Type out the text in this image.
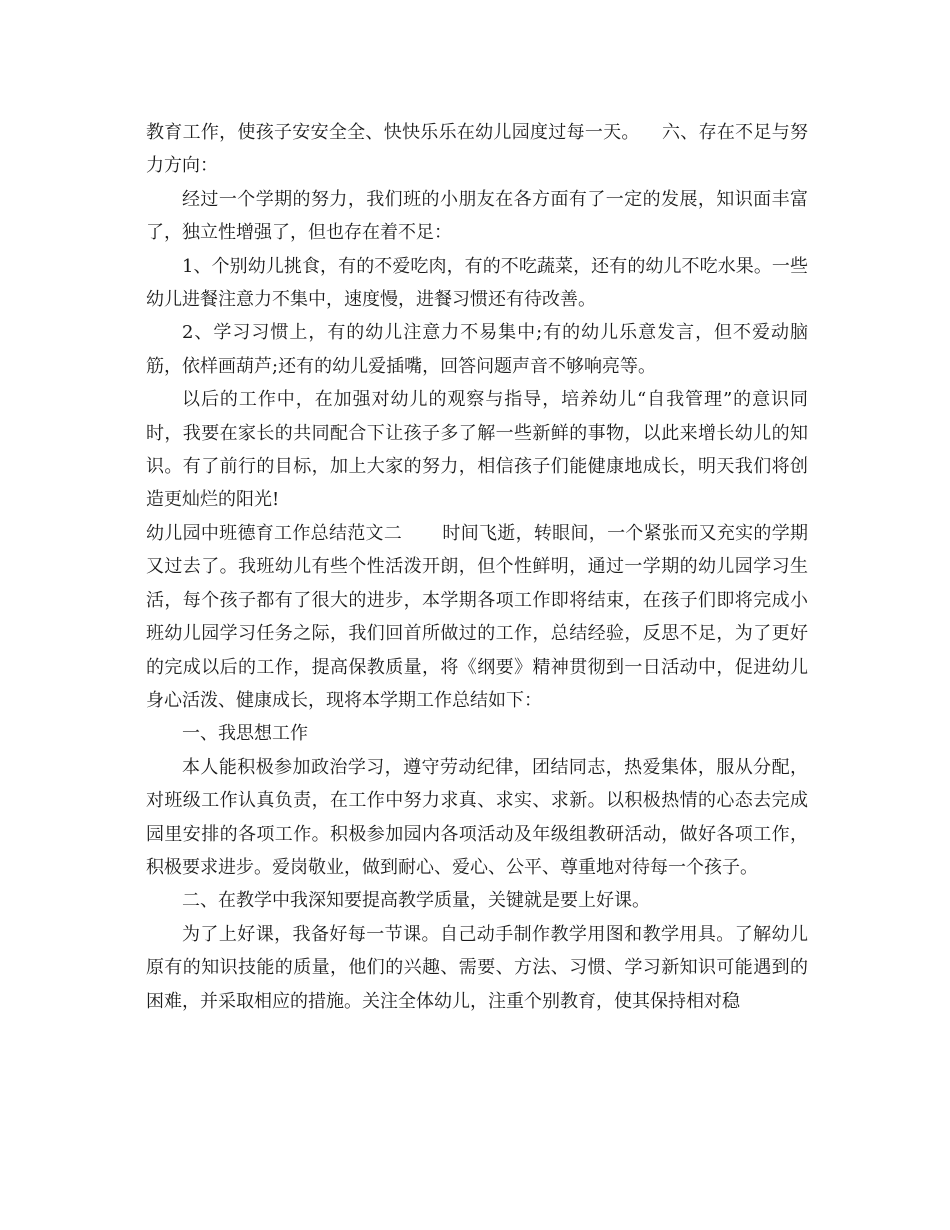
教育工作，使孩子安安全全、快快乐乐在幼儿园度过每一天。 六、存在不足与努力方向：

经过一个学期的努力，我们班的小朋友在各方面有了一定的发展，知识面丰富了，独立性增强了，但也存在着不足：

1、个别幼儿挑食，有的不爱吃肉，有的不吃蔬菜，还有的幼儿不吃水果。一些幼儿进餐注意力不集中，速度慢，进餐习惯还有待改善。

2、学习习惯上，有的幼儿注意力不易集中;有的幼儿乐意发言，但不爱动脑筋，依样画葫芦;还有的幼儿爱插嘴，回答问题声音不够响亮等。

以后的工作中，在加强对幼儿的观察与指导，培养幼儿“自我管理”的意识同时，我要在家长的共同配合下让孩子多了解一些新鲜的事物，以此来增长幼儿的知识。有了前行的目标，加上大家的努力，相信孩子们能健康地成长，明天我们将创造更灿烂的阳光!

幼儿园中班德育工作总结范文二 时间飞逝，转眼间，一个紧张而又充实的学期又过去了。我班幼儿有些个性活泼开朗，但个性鲜明，通过一学期的幼儿园学习生活，每个孩子都有了很大的进步，本学期各项工作即将结束，在孩子们即将完成小班幼儿园学习任务之际，我们回首所做过的工作，总结经验，反思不足，为了更好的完成以后的工作，提高保教质量，将《纲要》精神贯彻到一日活动中，促进幼儿身心活泼、健康成长，现将本学期工作总结如下：

一、我思想工作

本人能积极参加政治学习，遵守劳动纪律，团结同志，热爱集体，服从分配，对班级工作认真负责，在工作中努力求真、求实、求新。以积极热情的心态去完成园里安排的各项工作。积极参加园内各项活动及年级组教研活动，做好各项工作，积极要求进步。爱岗敬业，做到耐心、爱心、公平、尊重地对待每一个孩子。

二、在教学中我深知要提高教学质量，关键就是要上好课。

为了上好课，我备好每一节课。自己动手制作教学用图和教学用具。了解幼儿原有的知识技能的质量，他们的兴趣、需要、方法、习惯、学习新知识可能遇到的困难，并采取相应的措施。关注全体幼儿，注重个别教育，使其保持相对稳
